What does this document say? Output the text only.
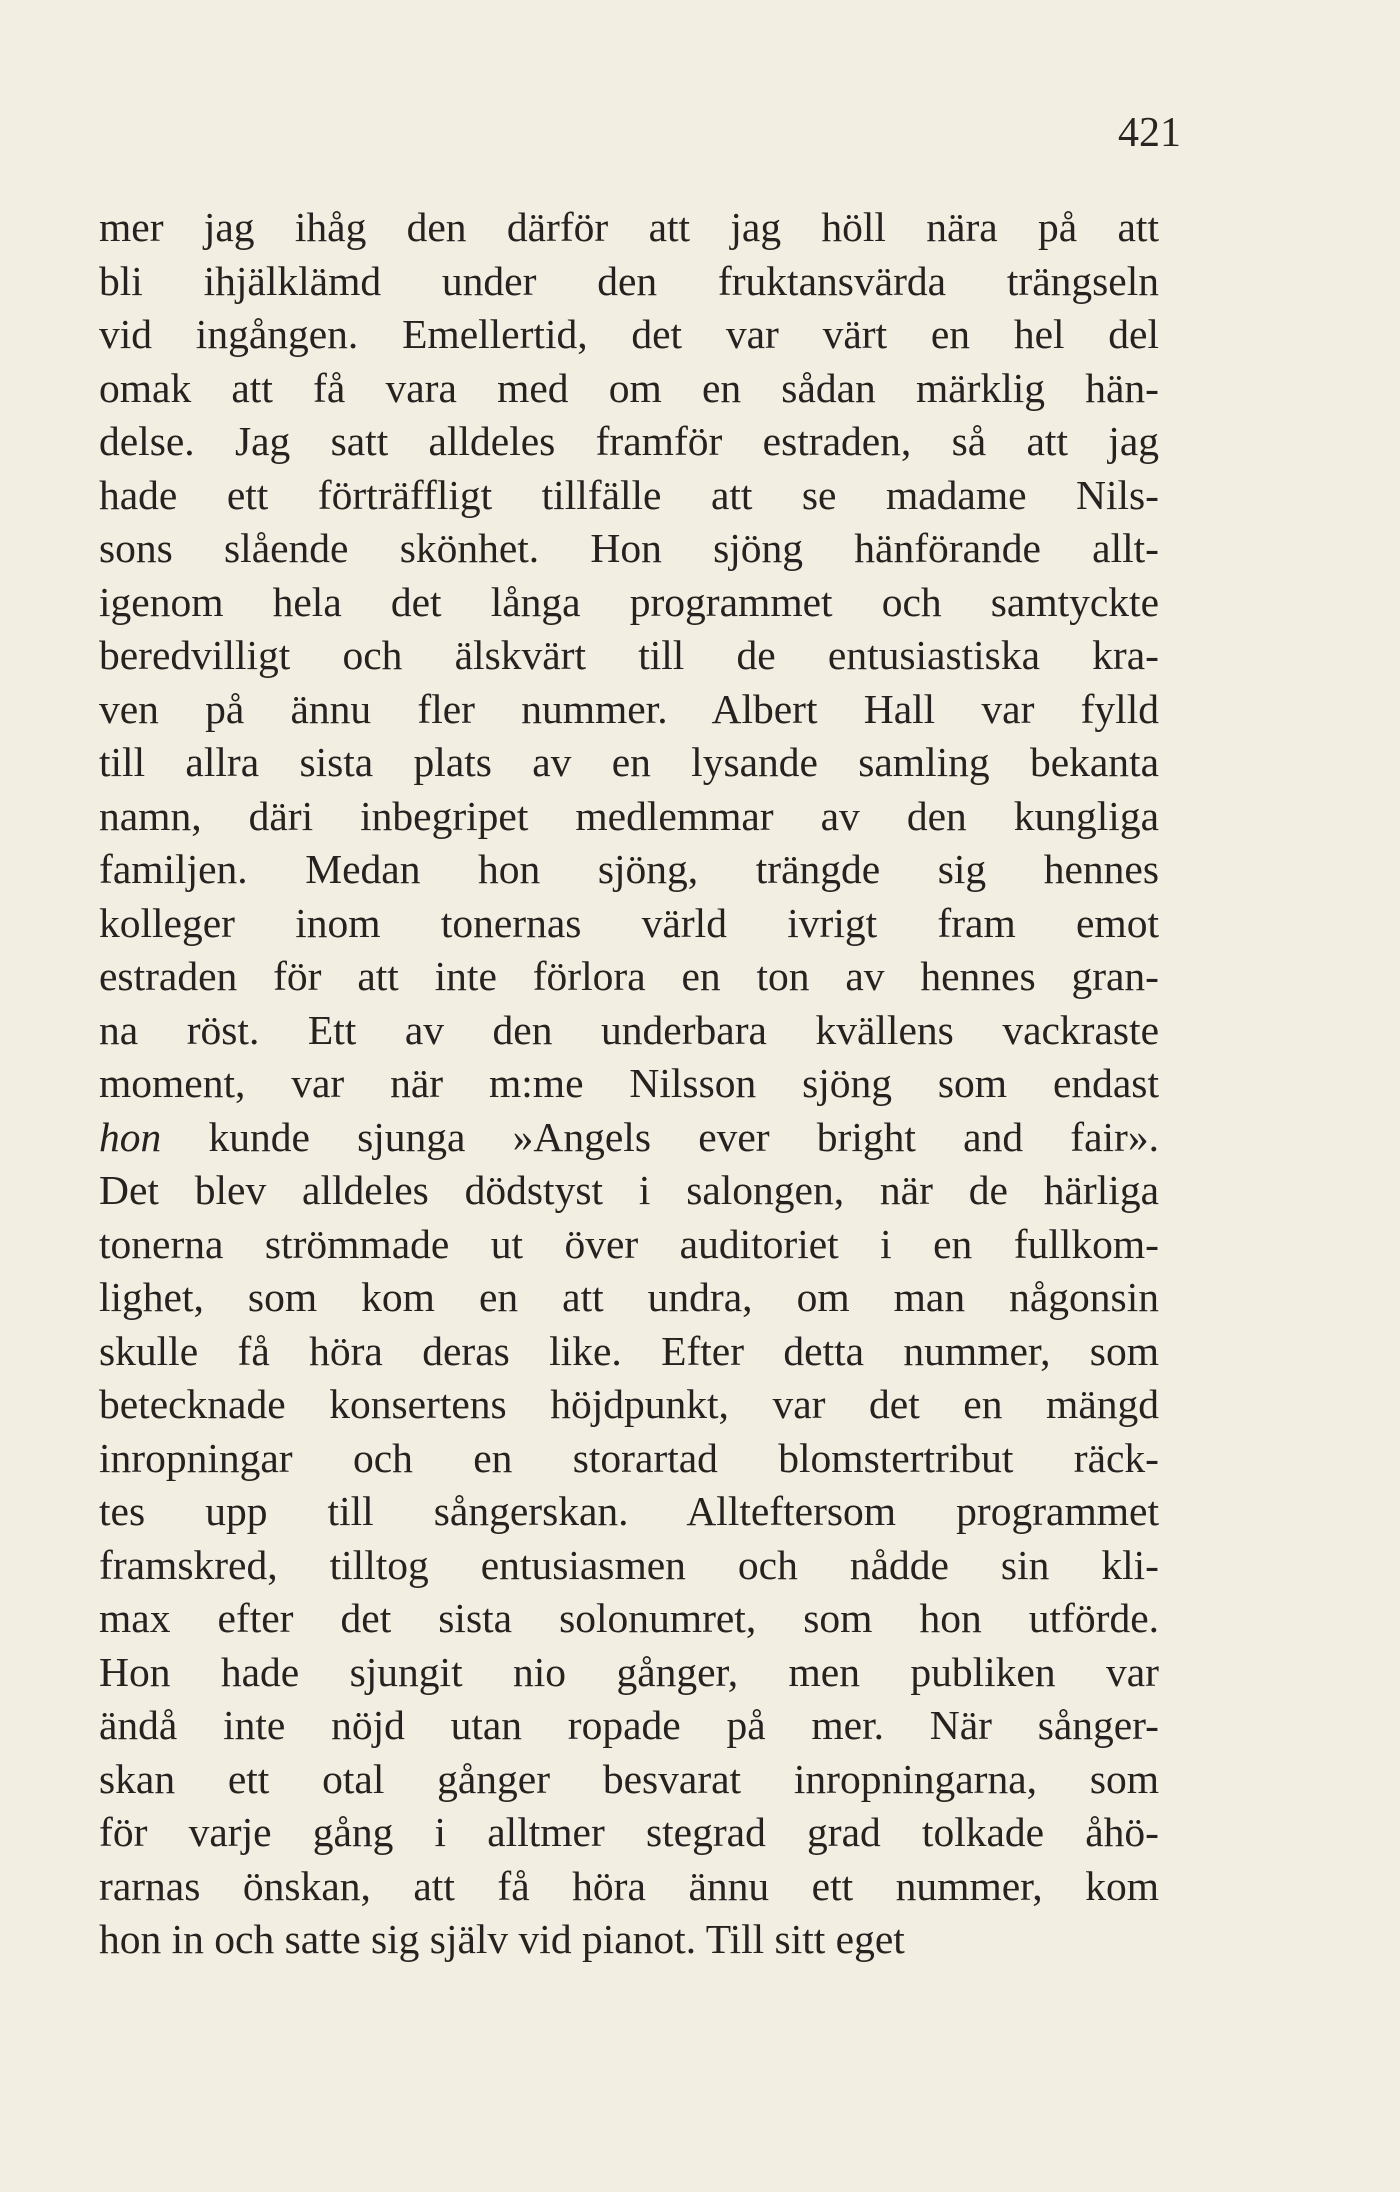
421
mer jag ihåg den därför att jag höll nära på att
bli ihjälklämd under den fruktansvärda trängseln
vid ingången. Emellertid, det var värt en hel del
omak att få vara med om en sådan märklig hän-
delse. Jag satt alldeles framför estraden, så att jag
hade ett förträffligt tillfälle att se madame Nils-
sons slående skönhet. Hon sjöng hänförande allt-
igenom hela det långa programmet och samtyckte
beredvilligt och älskvärt till de entusiastiska kra-
ven på ännu fler nummer. Albert Hall var fylld
till allra sista plats av en lysande samling bekanta
namn, däri inbegripet medlemmar av den kungliga
familjen. Medan hon sjöng, trängde sig hennes
kolleger inom tonernas värld ivrigt fram emot
estraden för att inte förlora en ton av hennes gran-
na röst. Ett av den underbara kvällens vackraste
moment, var när m:me Nilsson sjöng som endast
hon kunde sjunga »Angels ever bright and fair».
Det blev alldeles dödstyst i salongen, när de härliga
tonerna strömmade ut över auditoriet i en fullkom-
lighet, som kom en att undra, om man någonsin
skulle få höra deras like. Efter detta nummer, som
betecknade konsertens höjdpunkt, var det en mängd
inropningar och en storartad blomstertribut räck-
tes upp till sångerskan. Allteftersom programmet
framskred, tilltog entusiasmen och nådde sin kli-
max efter det sista solonumret, som hon utförde.
Hon hade sjungit nio gånger, men publiken var
ändå inte nöjd utan ropade på mer. När sånger-
skan ett otal gånger besvarat inropningarna, som
för varje gång i alltmer stegrad grad tolkade åhö-
rarnas önskan, att få höra ännu ett nummer, kom
hon in och satte sig själv vid pianot. Till sitt eget
